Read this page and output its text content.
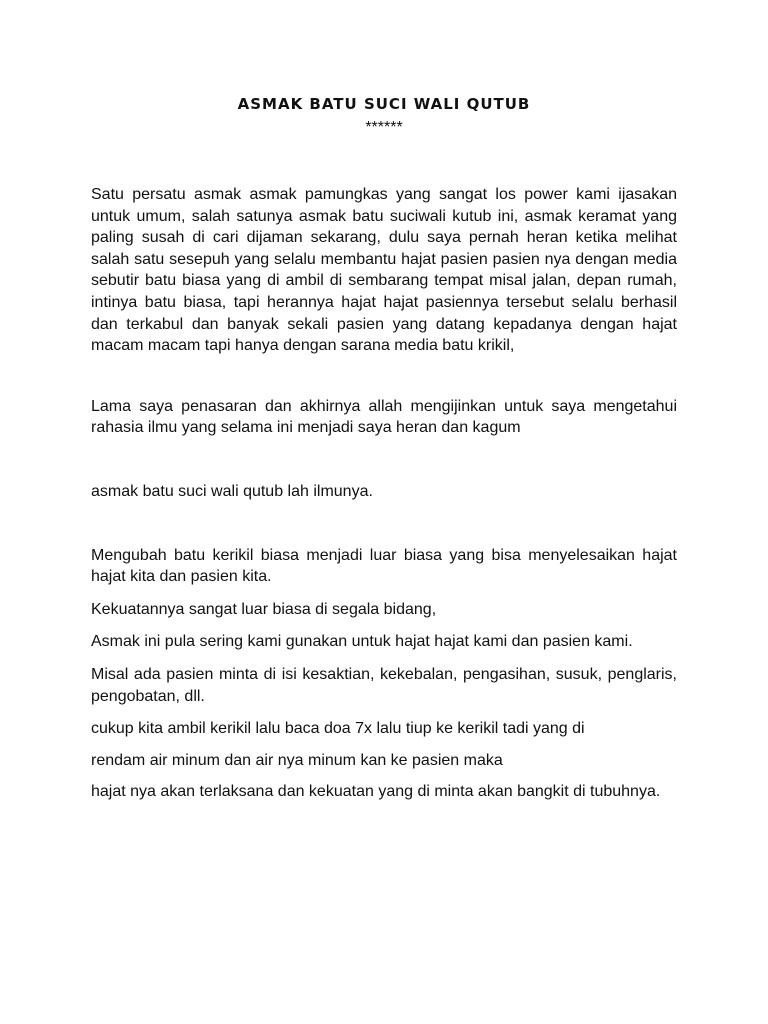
ASMAK BATU SUCI WALI QUTUB
******

Satu persatu asmak asmak pamungkas yang sangat los power kami ijasakan untuk umum, salah satunya asmak batu suciwali kutub ini, asmak keramat yang paling susah di cari dijaman sekarang, dulu saya pernah heran ketika melihat salah satu sesepuh yang selalu membantu hajat pasien pasien nya dengan media sebutir batu biasa yang di ambil di sembarang tempat misal jalan, depan rumah, intinya batu biasa, tapi herannya hajat hajat pasiennya tersebut selalu berhasil dan terkabul dan banyak sekali pasien yang datang kepadanya dengan hajat macam macam tapi hanya dengan sarana media batu krikil,

Lama saya penasaran dan akhirnya allah mengijinkan untuk saya mengetahui rahasia ilmu yang selama ini menjadi saya heran dan kagum

asmak batu suci wali qutub lah ilmunya.

Mengubah batu kerikil biasa menjadi luar biasa yang bisa menyelesaikan hajat hajat kita dan pasien kita.

Kekuatannya sangat luar biasa di segala bidang,

Asmak ini pula sering kami gunakan untuk hajat hajat kami dan pasien kami.

Misal ada pasien minta di isi kesaktian, kekebalan, pengasihan, susuk, penglaris, pengobatan, dll.

cukup kita ambil kerikil lalu baca doa 7x lalu tiup ke kerikil tadi yang di

rendam air minum dan air nya minum kan ke pasien maka

hajat nya akan terlaksana dan kekuatan yang di minta akan bangkit di tubuhnya.
